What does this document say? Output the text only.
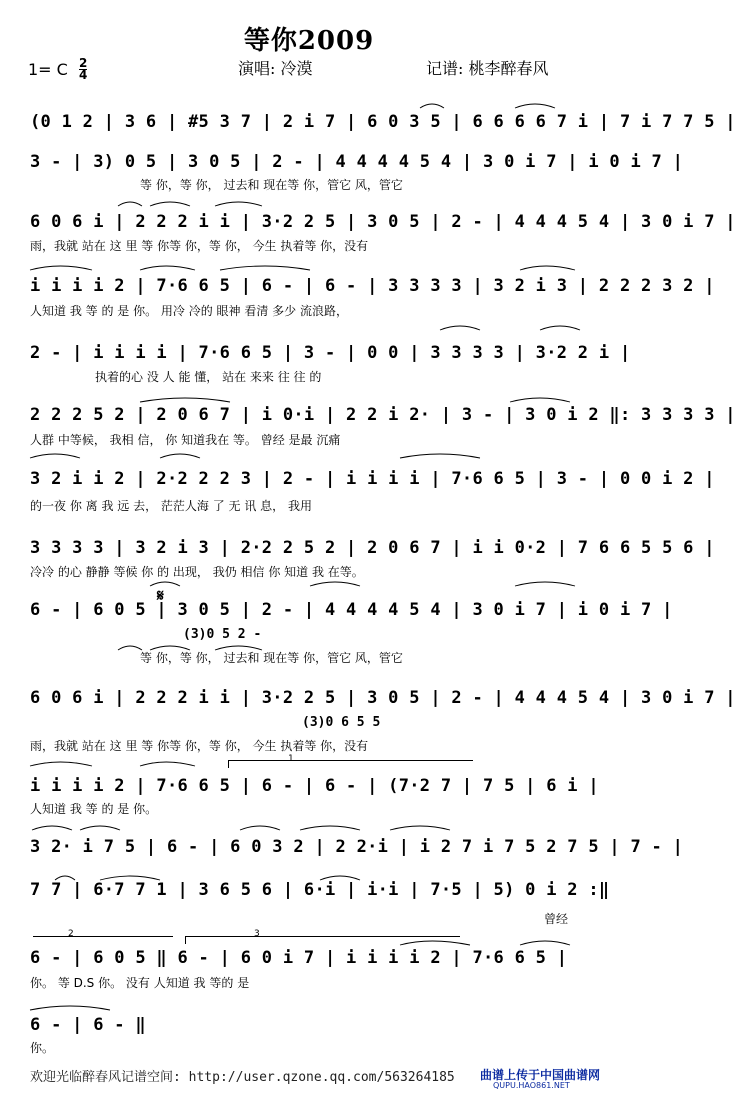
等你2009
1= C 2
4	演唱: 冷漠	记谱: 桃李醉春风
(0 1 2 | 3 6 | #5 3 7 | 2 i 7 | 6 0 3 5 | 6 6 6 6 7 i | 7 i 7 7 5 |
3 - | 3) 0 5 | 3 0 5 | 2 - | 4 4 4 4 5 4 | 3 0 i 7 | i 0 i 7 |
等 你，等 你， 过去和 现在等 你，管它 风，管它
6 0 6 i | 2 2 2 i i | 3·2 2 5 | 3 0 5 | 2 - | 4 4 4 5 4 | 3 0 i 7 |
雨，我就 站在 这 里 等 你等 你，等 你， 今生 执着等 你，没有
i i i i 2 | 7·6 6 5 | 6 - | 6 - | 3 3 3 3 | 3 2 i 3 | 2 2 2 3 2 |
人知道 我 等 的 是 你。 用冷 冷的 眼神 看清 多少 流浪路，
2 - | i i i i | 7·6 6 5 | 3 - | 0 0 | 3 3 3 3 | 3·2 2 i |
执着的心 没 人 能 懂， 站在 来来 往 往 的
2 2 2 5 2 | 2 0 6 7 | i 0·i | 2 2 i 2· | 3 - | 3 0 i 2 ‖: 3 3 3 3 |
人群 中等候， 我相 信， 你 知道我在 等。 曾经 是最 沉痛
3 2 i i 2 | 2·2 2 2 3 | 2 - | i i i i | 7·6 6 5 | 3 - | 0 0 i 2 |
的一夜 你 离 我 远 去， 茫茫人海 了 无 讯 息， 我用
3 3 3 3 | 3 2 i 3 | 2·2 2 5 2 | 2 0 6 7 | i i 0·2 | 7 6 6 5 5 6 |
冷冷 的心 静静 等候 你 的 出现， 我仍 相信 你 知道 我 在等。
𝄋
6 - | 6 0 5 | 3 0 5 | 2 - | 4 4 4 4 5 4 | 3 0 i 7 | i 0 i 7 |
(3)0 5 2 -
等 你，等 你， 过去和 现在等 你，管它 风，管它
6 0 6 i | 2 2 2 i i | 3·2 2 5 | 3 0 5 | 2 - | 4 4 4 5 4 | 3 0 i 7 |
(3)0 6 5 5
雨，我就 站在 这 里 等 你等 你，等 你， 今生 执着等 你，没有
1
i i i i 2 | 7·6 6 5 | 6 - | 6 - | (7·2 7 | 7 5 | 6 i |
人知道 我 等 的 是 你。
3 2· i 7 5 | 6 - | 6 0 3 2 | 2 2·i | i 2 7 i 7 5 2 7 5 | 7 - |
7 7 | 6·7 7 1 | 3 6 5 6 | 6·i | i·i | 7·5 | 5) 0 i 2 :‖
曾经
2	3
6 - | 6 0 5 ‖ 6 - | 6 0 i 7 | i i i i 2 | 7·6 6 5 |
你。 等 D.S 你。 没有 人知道 我 等的 是
6 - | 6 - ‖
你。
欢迎光临醉春风记谱空间: http://user.qzone.qq.com/563264185 曲谱上传于中国曲谱网
QUPU.HAO861.NET
